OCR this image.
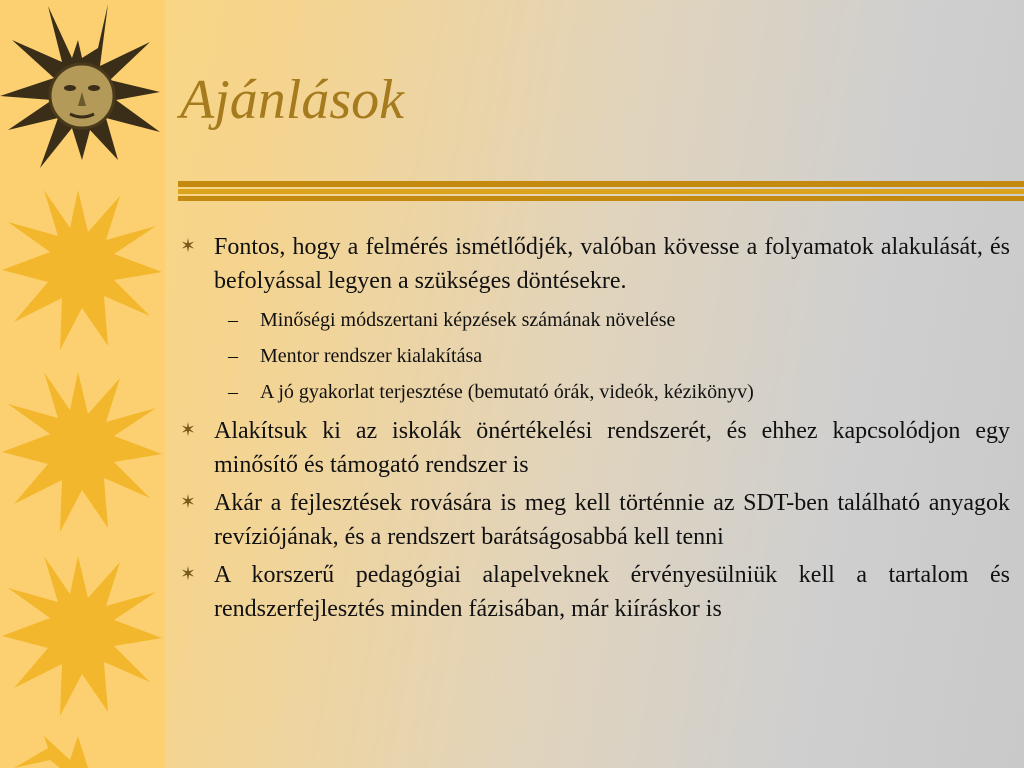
Ajánlások
✶ Fontos, hogy a felmérés ismétlődjék, valóban kövesse a folyamatok alakulását, és befolyással legyen a szükséges döntésekre.
– Minőségi módszertani képzések számának növelése
– Mentor rendszer kialakítása
– A jó gyakorlat terjesztése (bemutató órák, videók, kézikönyv)
✶ Alakítsuk ki az iskolák önértékelési rendszerét, és ehhez kapcsolódjon egy minősítő és támogató rendszer is
✶ Akár a fejlesztések rovására is meg kell történnie az SDT-ben található anyagok revíziójának, és a rendszert barátságosabbá kell tenni
✶ A korszerű pedagógiai alapelveknek érvényesülniük kell a tartalom és rendszerfejlesztés minden fázisában, már kiíráskor is
